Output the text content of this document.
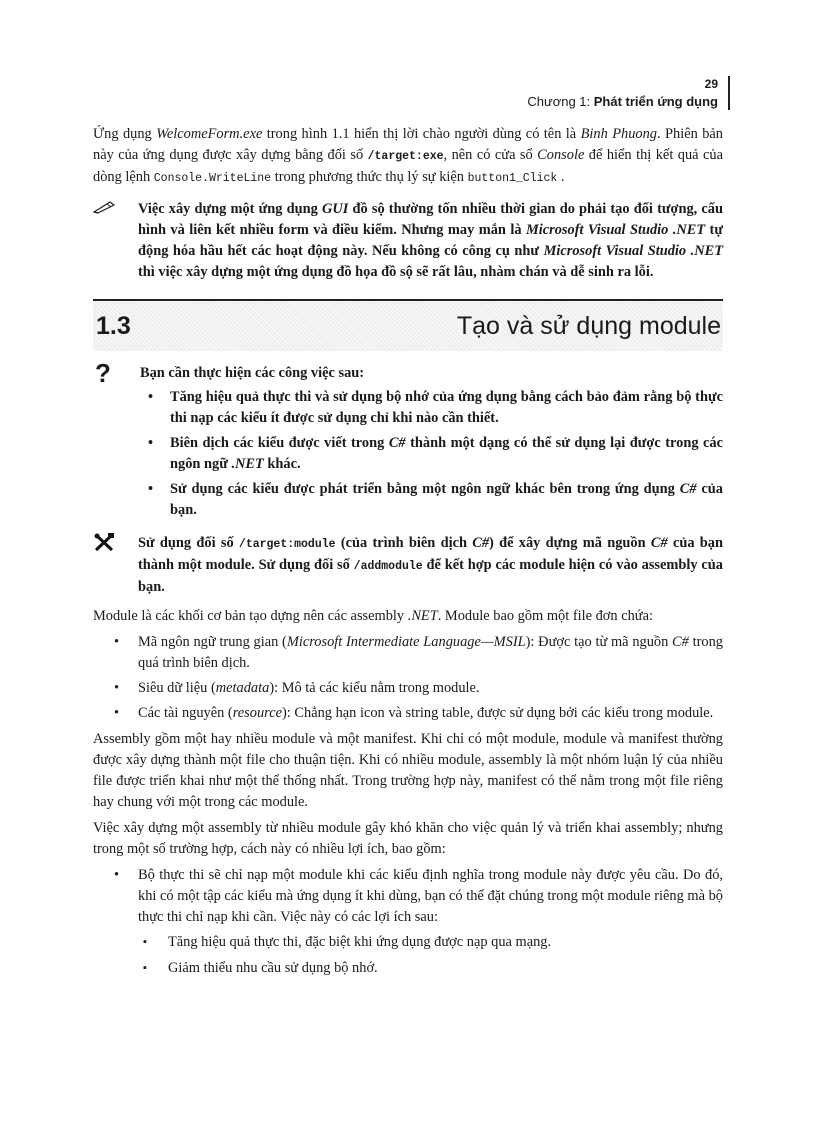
29
Chương 1: Phát triển ứng dụng

Ứng dụng WelcomeForm.exe trong hình 1.1 hiển thị lời chào người dùng có tên là Binh Phuong. Phiên bản này của ứng dụng được xây dựng bằng đối số /target:exe, nên có cửa sổ Console để hiển thị kết quả của dòng lệnh Console.WriteLine trong phương thức thụ lý sự kiện button1_Click .

Việc xây dựng một ứng dụng GUI đồ sộ thường tốn nhiều thời gian do phải tạo đối tượng, cấu hình và liên kết nhiều form và điều kiểm. Nhưng may mắn là Microsoft Visual Studio .NET tự động hóa hầu hết các hoạt động này. Nếu không có công cụ như Microsoft Visual Studio .NET thì việc xây dựng một ứng dụng đồ họa đồ sộ sẽ rất lâu, nhàm chán và dễ sinh ra lỗi.
1.3	Tạo và sử dụng module
?	Bạn cần thực hiện các công việc sau:
• Tăng hiệu quả thực thi và sử dụng bộ nhớ của ứng dụng bằng cách bảo đảm rằng bộ thực thi nạp các kiểu ít được sử dụng chỉ khi nào cần thiết.
• Biên dịch các kiểu được viết trong C# thành một dạng có thể sử dụng lại được trong các ngôn ngữ .NET khác.
• Sử dụng các kiểu được phát triển bằng một ngôn ngữ khác bên trong ứng dụng C# của bạn.
Sử dụng đối số /target:module (của trình biên dịch C#) để xây dựng mã nguồn C# của bạn thành một module. Sử dụng đối số /addmodule để kết hợp các module hiện có vào assembly của bạn.

Module là các khối cơ bản tạo dựng nên các assembly .NET. Module bao gồm một file đơn chứa:

• Mã ngôn ngữ trung gian (Microsoft Intermediate Language—MSIL): Được tạo từ mã nguồn C# trong quá trình biên dịch.
• Siêu dữ liệu (metadata): Mô tả các kiểu nằm trong module.
• Các tài nguyên (resource): Chẳng hạn icon và string table, được sử dụng bởi các kiểu trong module.

Assembly gồm một hay nhiều module và một manifest. Khi chỉ có một module, module và manifest thường được xây dựng thành một file cho thuận tiện. Khi có nhiều module, assembly là một nhóm luận lý của nhiều file được triển khai như một thể thống nhất. Trong trường hợp này, manifest có thể nằm trong một file riêng hay chung với một trong các module.

Việc xây dựng một assembly từ nhiều module gây khó khăn cho việc quản lý và triển khai assembly; nhưng trong một số trường hợp, cách này có nhiều lợi ích, bao gồm:

• Bộ thực thi sẽ chỉ nạp một module khi các kiểu định nghĩa trong module này được yêu cầu. Do đó, khi có một tập các kiểu mà ứng dụng ít khi dùng, bạn có thể đặt chúng trong một module riêng mà bộ thực thi chỉ nạp khi cần. Việc này có các lợi ích sau:
▪ Tăng hiệu quả thực thi, đặc biệt khi ứng dụng được nạp qua mạng.
▪ Giảm thiểu nhu cầu sử dụng bộ nhớ.
